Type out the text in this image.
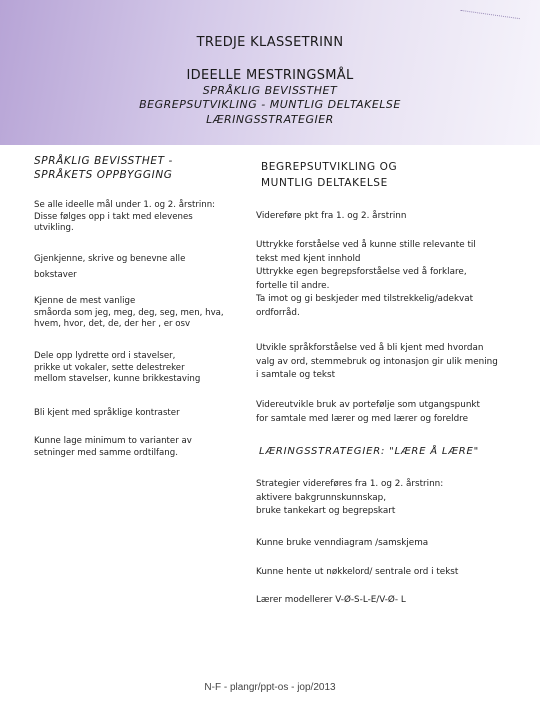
TREDJE KLASSETRINN
IDEELLE MESTRINGSMÅL
SPRÅKLIG BEVISSTHET
BEGREPSUTVIKLING - MUNTLIG DELTAKELSE
LÆRINGSSTRATEGIER
SPRÅKLIG BEVISSTHET -
SPRÅKETS OPPBYGGING
Se alle ideelle mål under 1. og 2. årstrinn:
Disse følges opp i takt med elevenes
utvikling.
Gjenkjenne, skrive og benevne alle
bokstaver
Kjenne de mest vanlige
småorda som jeg, meg, deg, seg, men, hva,
hvem, hvor, det, de, der her , er osv
Dele opp lydrette ord i stavelser,
prikke ut vokaler, sette delestreker
mellom stavelser, kunne brikkestaving
Bli kjent med språklige kontraster
Kunne lage minimum to varianter av
setninger med samme ordtilfang.
BEGREPSUTVIKLING OG
MUNTLIG DELTAKELSE
Videreføre pkt fra 1. og 2. årstrinn
Uttrykke forståelse ved å kunne stille relevante til
tekst med kjent innhold
Uttrykke egen begrepsforståelse ved å forklare,
fortelle til andre.
Ta imot og gi beskjeder med tilstrekkelig/adekvat
ordforråd.
Utvikle språkforståelse ved å bli kjent med hvordan
valg av ord, stemmebruk og intonasjon gir ulik mening
i samtale og tekst
Videreutvikle bruk av portefølje som utgangspunkt
for samtale med lærer og med lærer og foreldre
LÆRINGSSTRATEGIER: "LÆRE Å LÆRE"
Strategier videreføres fra 1. og 2. årstrinn:
aktivere bakgrunnskunnskap,
bruke tankekart og begrepskart
Kunne bruke venndiagram /samskjema
Kunne hente ut nøkkelord/ sentrale ord i tekst
Lærer modellerer V-Ø-S-L-E/V-Ø- L
N-F - plangr/ppt-os - jop/2013
